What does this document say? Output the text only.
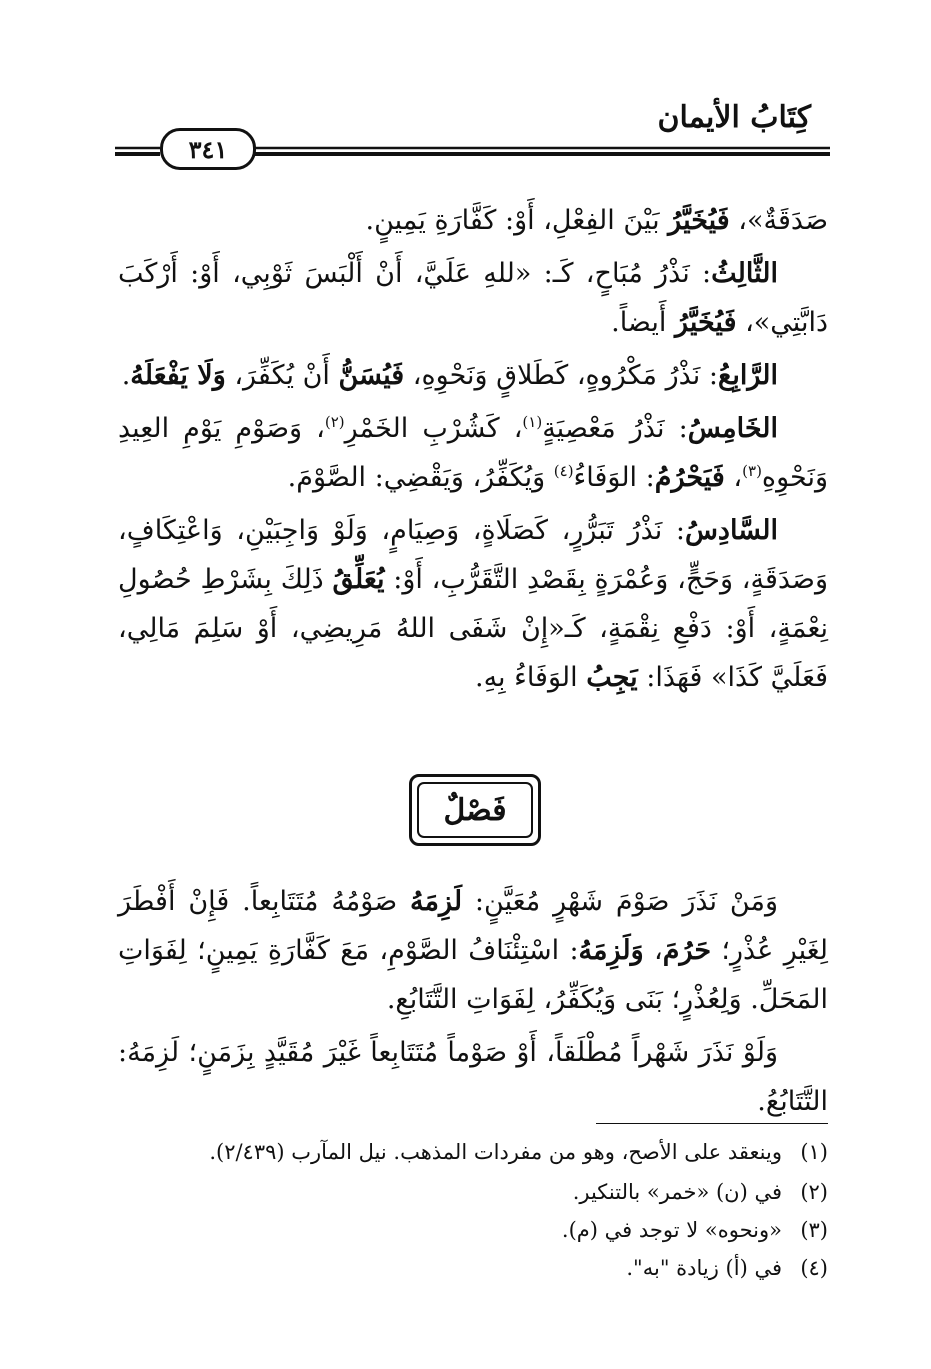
كِتَابُ الأيمان
٣٤١

صَدَقَةٌ»، فَيُخَيَّرُ بَيْنَ الفِعْلِ، أَوْ: كَفَّارَةِ يَمِينٍ.

الثَّالِثُ: نَذْرُ مُبَاحٍ، كَـ: «للهِ عَلَيَّ، أَنْ أَلْبَسَ ثَوْبِي، أَوْ: أَرْكَبَ دَابَّتِي»، فَيُخَيَّرُ أَيضاً.

الرَّابِعُ: نَذْرُ مَكْرُوهٍ، كَطَلاقٍ وَنَحْوِهِ، فَيُسَنُّ أَنْ يُكَفِّرَ، وَلَا يَفْعَلَهُ.

الخَامِسُ: نَذْرُ مَعْصِيَةٍ$^{(١)}$، كَشُرْبِ الخَمْرِ$^{(٢)}$، وَصَوْمِ يَوْمِ العِيدِ وَنَحْوِهِ$^{(٣)}$، فَيَحْرُمُ: الوَفَاءُ$^{(٤)}$ وَيُكَفِّرُ، وَيَقْضِي: الصَّوْمَ.

السَّادِسُ: نَذْرُ تَبَرُّرٍ، كَصَلَاةٍ، وَصِيَامٍ، وَلَوْ وَاجِبَيْنِ، وَاعْتِكَافٍ، وَصَدَقَةٍ، وَحَجٍّ، وَعُمْرَةٍ بِقَصْدِ التَّقَرُّبِ، أَوْ: يُعَلِّقُ ذَلِكَ بِشَرْطِ حُصُولِ نِعْمَةٍ، أَوْ: دَفْعِ نِقْمَةٍ، كَـ«إِنْ شَفَى اللهُ مَرِيضِي، أَوْ سَلِمَ مَالِي، فَعَلَيَّ كَذَا» فَهَذَا: يَجِبُ الوَفَاءُ بِهِ.

فَصْلٌ

وَمَنْ نَذَرَ صَوْمَ شَهْرٍ مُعَيَّنٍ: لَزِمَهُ صَوْمُهُ مُتَتَابِعاً. فَإِنْ أَفْطَرَ لِغَيْرِ عُذْرٍ؛ حَرُمَ، وَلَزِمَهُ: اسْتِئْنَافُ الصَّوْمِ، مَعَ كَفَّارَةِ يَمِينٍ؛ لِفَوَاتِ المَحَلِّ. وَلِعُذْرٍ؛ بَنَى وَيُكَفِّرُ، لِفَوَاتِ التَّتَابُعِ.

وَلَوْ نَذَرَ شَهْراً مُطْلَقاً، أَوْ صَوْماً مُتَتَابِعاً غَيْرَ مُقَيَّدٍ بِزَمَنٍ؛ لَزِمَهُ: التَّتَابُعُ.

(١)وينعقد على الأصح، وهو من مفردات المذهب. نيل المآرب (٢/٤٣٩).
(٢)في (ن) «خمر» بالتنكير.
(٣)«ونحوه» لا توجد في (م).
(٤)في (أ) زيادة "به".
